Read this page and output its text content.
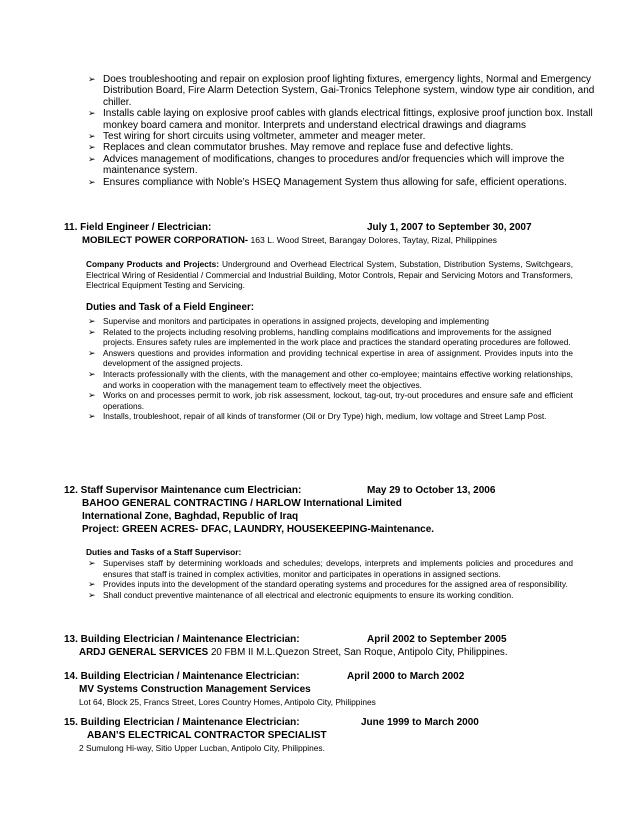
➢ Does troubleshooting and repair on explosion proof lighting fixtures, emergency lights, Normal and Emergency Distribution Board, Fire Alarm Detection System, Gai-Tronics Telephone system, window type air condition, and chiller.
➢ Installs cable laying on explosive proof cables with glands electrical fittings, explosive proof junction box. Install monkey board camera and monitor. Interprets and understand electrical drawings and diagrams
➢ Test wiring for short circuits using voltmeter, ammeter and meager meter.
➢ Replaces and clean commutator brushes. May remove and replace fuse and defective lights.
➢ Advices management of modifications, changes to procedures and/or frequencies which will improve the maintenance system.
➢ Ensures compliance with Noble’s HSEQ Management System thus allowing for safe, efficient operations.
11. Field Engineer / Electrician:	July 1, 2007 to September 30, 2007
MOBILECT POWER CORPORATION- 163 L. Wood Street, Barangay Dolores, Taytay, Rizal, Philippines
Company Products and Projects: Underground and Overhead Electrical System, Substation, Distribution Systems, Switchgears, Electrical Wiring of Residential / Commercial and Industrial Building, Motor Controls, Repair and Servicing Motors and Transformers, Electrical Equipment Testing and Servicing.
Duties and Task of a Field Engineer:
➢ Supervise and monitors and participates in operations in assigned projects, developing and implementing
➢ Related to the projects including resolving problems, handling complains modifications and improvements for the assigned projects. Ensures safety rules are implemented in the work place and practices the standard operating procedures are followed.
➢ Answers questions and provides information and providing technical expertise in area of assignment. Provides inputs into the development of the assigned projects.
➢ Interacts professionally with the clients, with the management and other co-employee; maintains effective working relationships, and works in cooperation with the management team to effectively meet the objectives.
➢ Works on and processes permit to work, job risk assessment, lockout, tag-out, try-out procedures and ensure safe and efficient operations.
➢ Installs, troubleshoot, repair of all kinds of transformer (Oil or Dry Type) high, medium, low voltage and Street Lamp Post.
12. Staff Supervisor Maintenance cum Electrician:	May 29 to October 13, 2006
BAHOO GENERAL CONTRACTING / HARLOW International Limited
International Zone, Baghdad, Republic of Iraq
Project: GREEN ACRES- DFAC, LAUNDRY, HOUSEKEEPING-Maintenance.
Duties and Tasks of a Staff Supervisor:
➢ Supervises staff by determining workloads and schedules; develops, interprets and implements policies and procedures and ensures that staff is trained in complex activities, monitor and participates in operations in assigned sections.
➢ Provides inputs into the development of the standard operating systems and procedures for the assigned area of responsibility.
➢ Shall conduct preventive maintenance of all electrical and electronic equipments to ensure its working condition.
13. Building Electrician / Maintenance Electrician:	April 2002 to September 2005
ARDJ GENERAL SERVICES 20 FBM II M.L.Quezon Street, San Roque, Antipolo City, Philippines.
14. Building Electrician / Maintenance Electrician:	April 2000 to March 2002
MV Systems Construction Management Services
Lot 64, Block 25, Francs Street, Lores Country Homes, Antipolo City, Philippines
15. Building Electrician / Maintenance Electrician:	June 1999 to March 2000
ABAN’S ELECTRICAL CONTRACTOR SPECIALIST
2 Sumulong Hi-way, Sitio Upper Lucban, Antipolo City, Philippines.
